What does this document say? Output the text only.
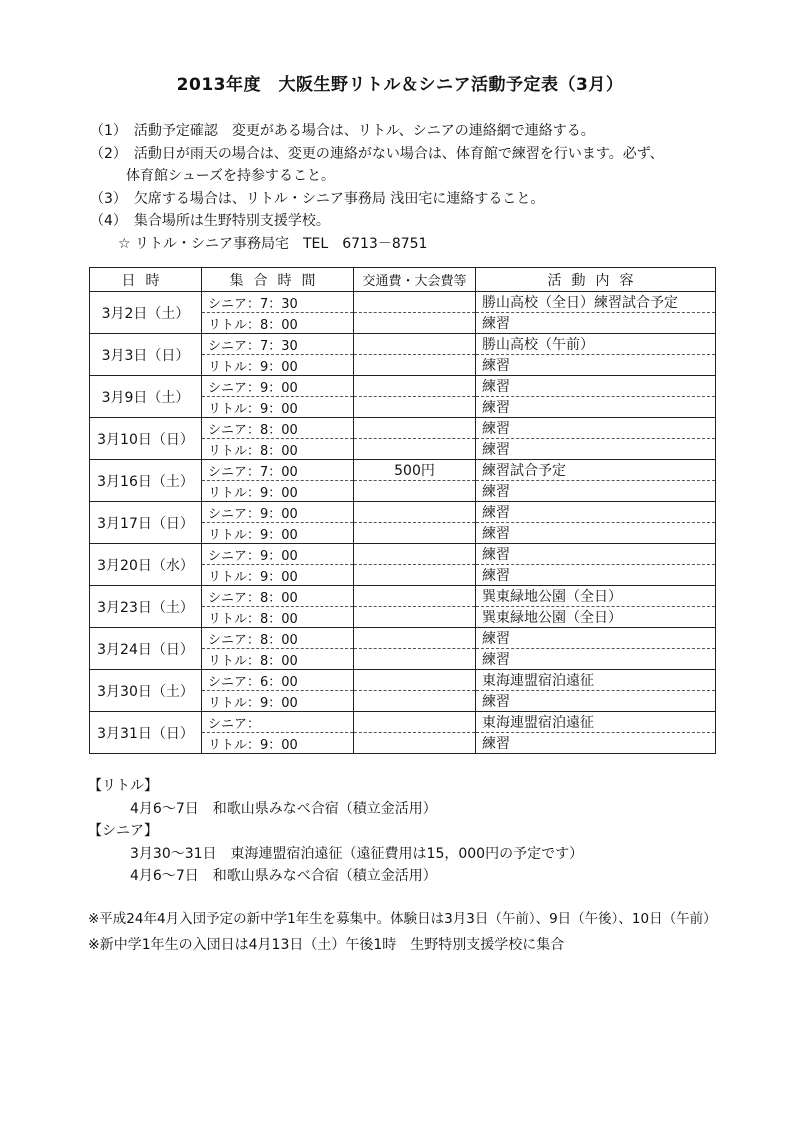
2013年度　大阪生野リトル＆シニア活動予定表（3月）
（1）　活動予定確認　変更がある場合は、リトル、シニアの連絡網で連絡する。
（2）　活動日が雨天の場合は、変更の連絡がない場合は、体育館で練習を行います。必ず、
体育館シューズを持参すること。
（3）　欠席する場合は、リトル・シニア事務局 浅田宅に連絡すること。
（4）　集合場所は生野特別支援学校。
☆ リトル・シニア事務局宅　TEL　6713－8751
日時	集合時間	交通費・大会費等	活動内容
3月2日（土）	シニア：7：30		勝山高校（全日）練習試合予定
	リトル：8：00		練習
3月3日（日）	シニア：7：30		勝山高校（午前）
	リトル：9：00		練習
3月9日（土）	シニア：9：00		練習
	リトル：9：00		練習
3月10日（日）	シニア：8：00		練習
	リトル：8：00		練習
3月16日（土）	シニア：7：00	500円	練習試合予定
	リトル：9：00		練習
3月17日（日）	シニア：9：00		練習
	リトル：9：00		練習
3月20日（水）	シニア：9：00		練習
	リトル：9：00		練習
3月23日（土）	シニア：8：00		巽東緑地公園（全日）
	リトル：8：00		巽東緑地公園（全日）
3月24日（日）	シニア：8：00		練習
	リトル：8：00		練習
3月30日（土）	シニア：6：00		東海連盟宿泊遠征
	リトル：9：00		練習
3月31日（日）	シニア：		東海連盟宿泊遠征
	リトル：9：00		練習
【リトル】
4月6～7日　和歌山県みなべ合宿（積立金活用）
【シニア】
3月30～31日　東海連盟宿泊遠征（遠征費用は15，000円の予定です）
4月6～7日　和歌山県みなべ合宿（積立金活用）
※平成24年4月入団予定の新中学1年生を募集中。体験日は3月3日（午前）、9日（午後）、10日（午前）
※新中学1年生の入団日は4月13日（土）午後1時　生野特別支援学校に集合
